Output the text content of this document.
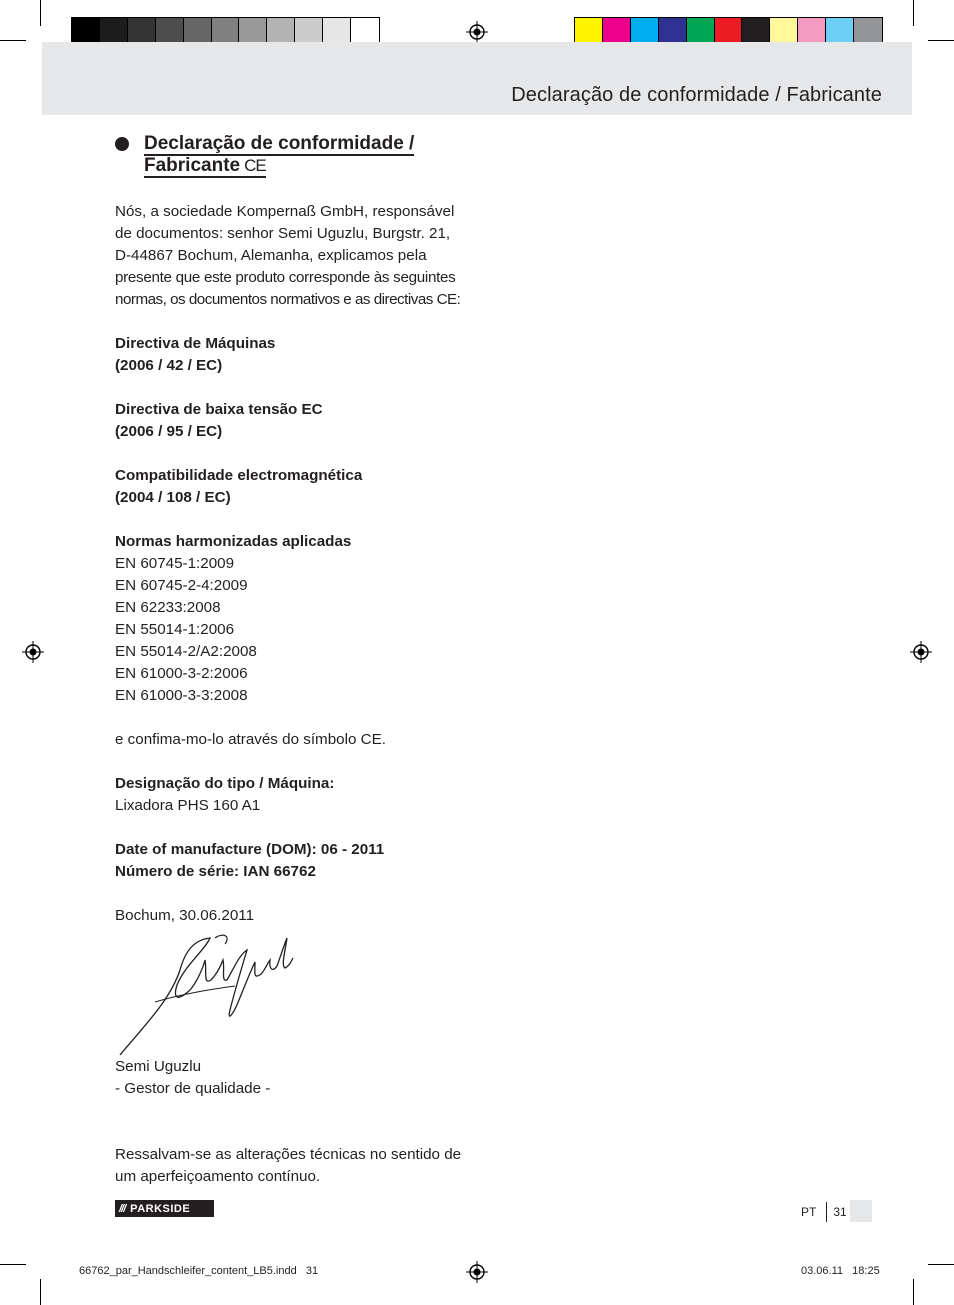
Declaração de conformidade / Fabricante
Declaração de conformidade /
Fabricante CE

Nós, a sociedade Kompernaß GmbH, responsável

de documentos: senhor Semi Uguzlu, Burgstr. 21,

D-44867 Bochum, Alemanha, explicamos pela

presente que este produto corresponde às seguintes

normas, os documentos normativos e as directivas CE:

Directiva de Máquinas

(2006 / 42 / EC)

Directiva de baixa tensão EC

(2006 / 95 / EC)

Compatibilidade electromagnética

(2004 / 108 / EC)

Normas harmonizadas aplicadas

EN 60745-1:2009

EN 60745-2-4:2009

EN 62233:2008

EN 55014-1:2006

EN 55014-2/A2:2008

EN 61000-3-2:2006

EN 61000-3-3:2008

e confima-mo-lo através do símbolo CE.

Designação do tipo / Máquina:

Lixadora PHS 160 A1

Date of manufacture (DOM): 06 - 2011

Número de série: IAN 66762

Bochum, 30.06.2011

Semi Uguzlu

- Gestor de qualidade -

Ressalvam-se as alterações técnicas no sentido de

um aperfeiçoamento contínuo.

/// PARKSIDE	PT 31
66762_par_Handschleifer_content_LB5.indd   31	03.06.11   18:25
